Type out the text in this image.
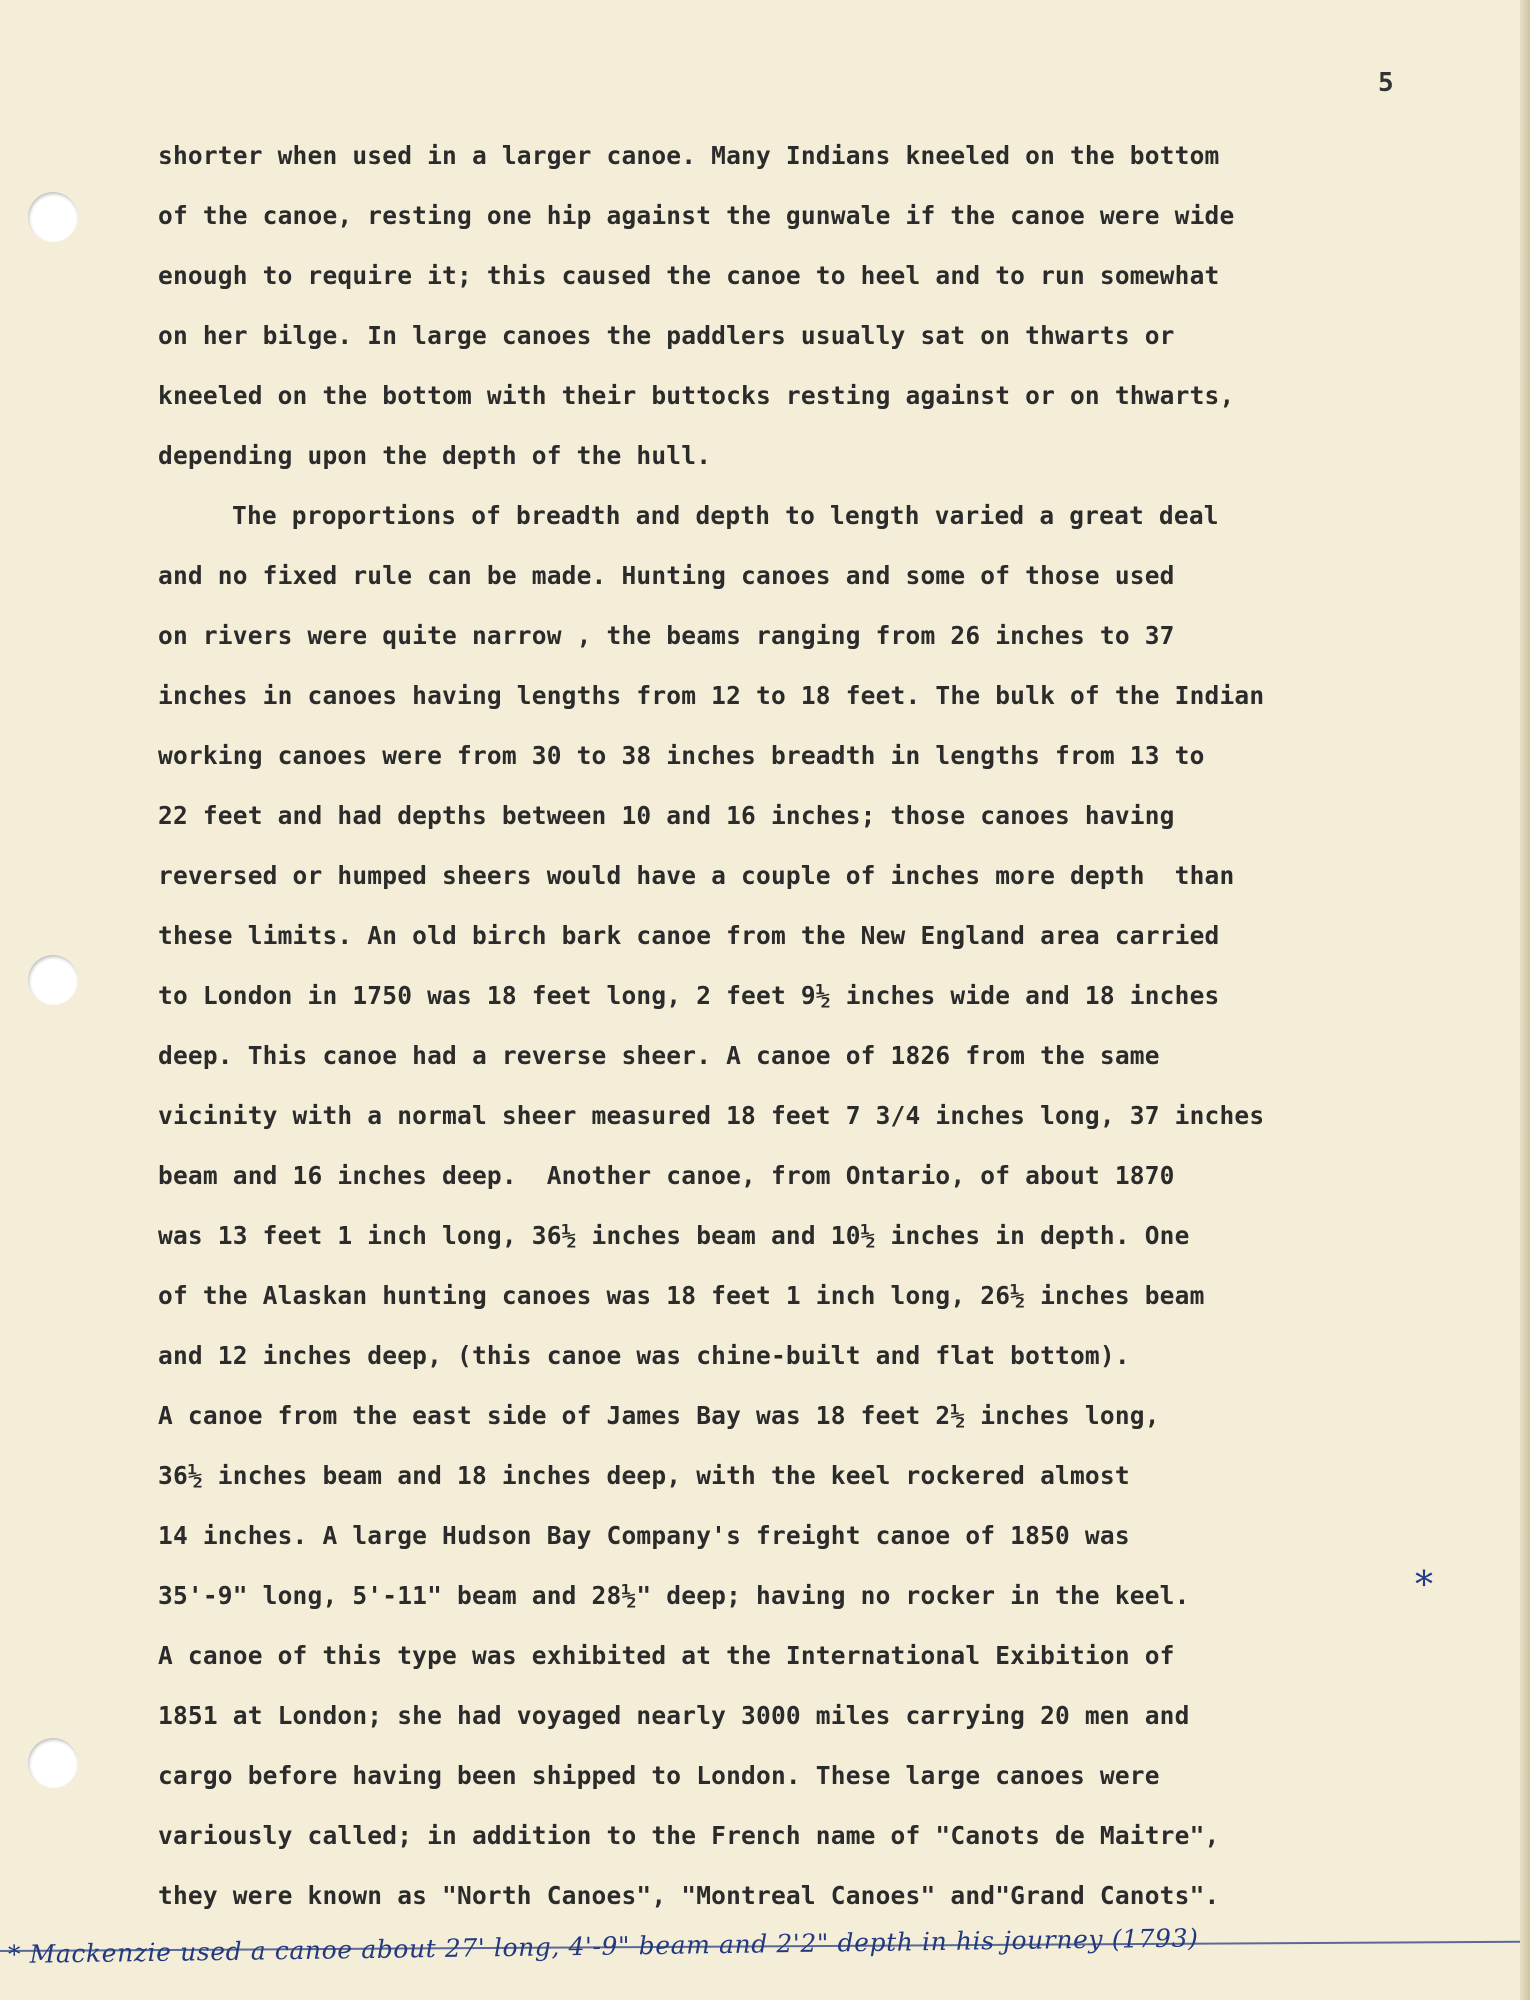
5
shorter when used in a larger canoe. Many Indians kneeled on the bottom
of the canoe, resting one hip against the gunwale if the canoe were wide
enough to require it; this caused the canoe to heel and to run somewhat
on her bilge. In large canoes the paddlers usually sat on thwarts or
kneeled on the bottom with their buttocks resting against or on thwarts,
depending upon the depth of the hull.
The proportions of breadth and depth to length varied a great deal
and no fixed rule can be made. Hunting canoes and some of those used
on rivers were quite narrow , the beams ranging from 26 inches to 37
inches in canoes having lengths from 12 to 18 feet. The bulk of the Indian
working canoes were from 30 to 38 inches breadth in lengths from 13 to
22 feet and had depths between 10 and 16 inches; those canoes having
reversed or humped sheers would have a couple of inches more depth  than
these limits. An old birch bark canoe from the New England area carried
to London in 1750 was 18 feet long, 2 feet 9½ inches wide and 18 inches
deep. This canoe had a reverse sheer. A canoe of 1826 from the same
vicinity with a normal sheer measured 18 feet 7 3/4 inches long, 37 inches
beam and 16 inches deep.  Another canoe, from Ontario, of about 1870
was 13 feet 1 inch long, 36½ inches beam and 10½ inches in depth. One
of the Alaskan hunting canoes was 18 feet 1 inch long, 26½ inches beam
and 12 inches deep, (this canoe was chine-built and flat bottom).
A canoe from the east side of James Bay was 18 feet 2½ inches long,
36½ inches beam and 18 inches deep, with the keel rockered almost
14 inches. A large Hudson Bay Company's freight canoe of 1850 was
35'-9" long, 5'-11" beam and 28½" deep; having no rocker in the keel.
A canoe of this type was exhibited at the International Exibition of
1851 at London; she had voyaged nearly 3000 miles carrying 20 men and
cargo before having been shipped to London. These large canoes were
variously called; in addition to the French name of "Canots de Maitre",
they were known as "North Canoes", "Montreal Canoes" and"Grand Canots".
*
* Mackenzie used a canoe about 27' long, 4'-9" beam and 2'2" depth in his journey (1793)
